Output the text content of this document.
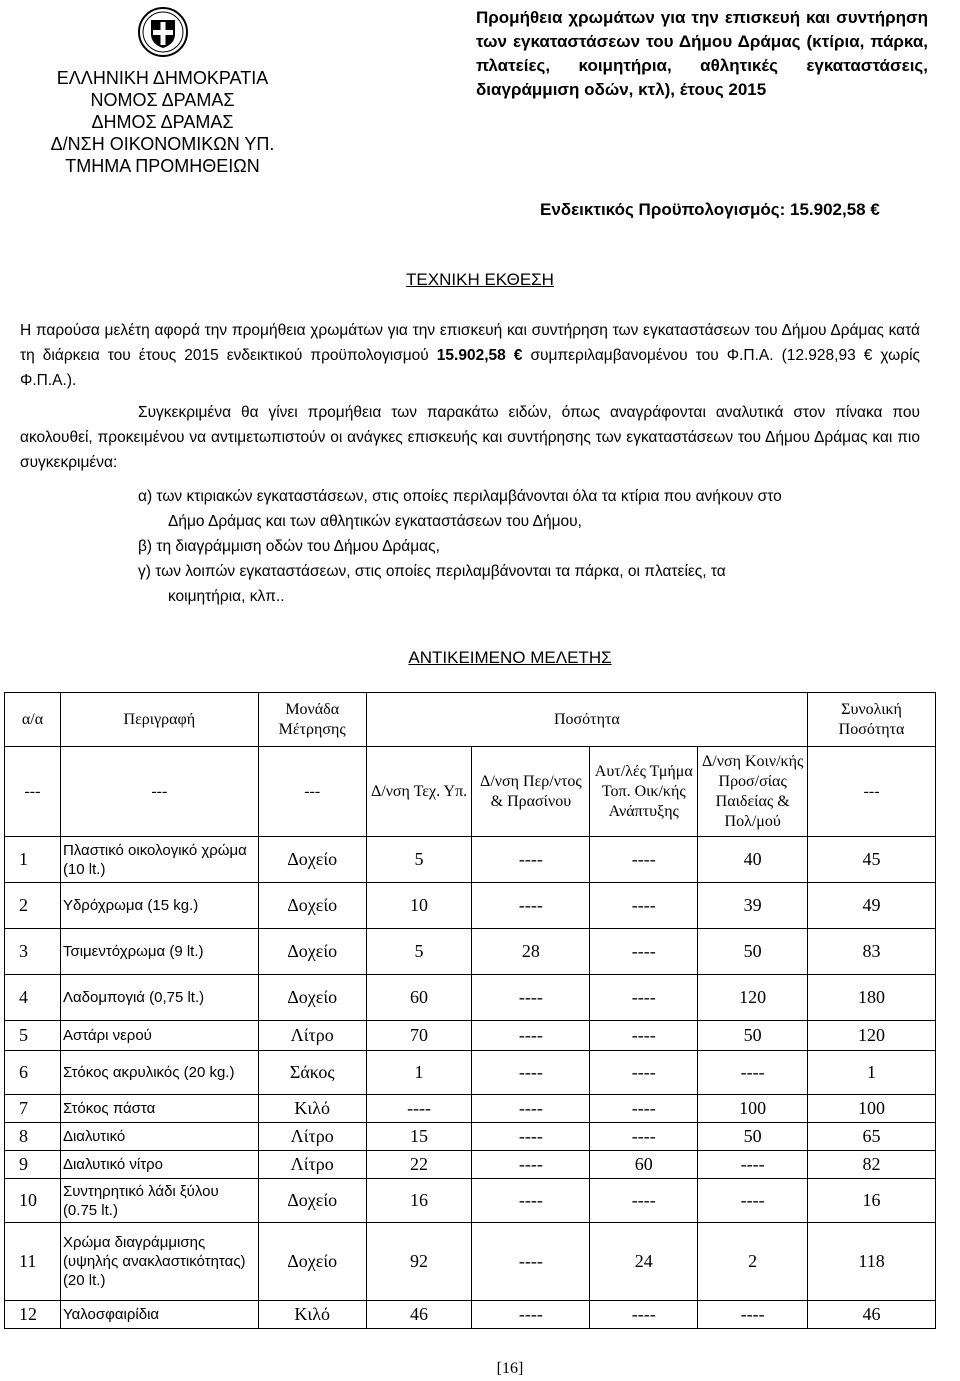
ΕΛΛΗΝΙΚΗ ΔΗΜΟΚΡΑΤΙΑ
ΝΟΜΟΣ ΔΡΑΜΑΣ
ΔΗΜΟΣ ΔΡΑΜΑΣ
Δ/ΝΣΗ ΟΙΚΟΝΟΜΙΚΩΝ ΥΠ.
ΤΜΗΜΑ ΠΡΟΜΗΘΕΙΩΝ
Προμήθεια χρωμάτων για την επισκευή και συντήρηση των εγκαταστάσεων του Δήμου Δράμας (κτίρια, πάρκα, πλατείες, κοιμητήρια, αθλητικές εγκαταστάσεις, διαγράμμιση οδών, κτλ), έτους 2015
Ενδεικτικός Προϋπολογισμός: 15.902,58 €
ΤΕΧΝΙΚΗ ΕΚΘΕΣΗ
Η παρούσα μελέτη αφορά την προμήθεια χρωμάτων για την επισκευή και συντήρηση των εγκαταστάσεων του Δήμου Δράμας κατά τη διάρκεια του έτους 2015 ενδεικτικού προϋπολογισμού 15.902,58 € συμπεριλαμβανομένου του Φ.Π.Α. (12.928,93 € χωρίς Φ.Π.Α.).
Συγκεκριμένα θα γίνει προμήθεια των παρακάτω ειδών, όπως αναγράφονται αναλυτικά στον πίνακα που ακολουθεί, προκειμένου να αντιμετωπιστούν οι ανάγκες επισκευής και συντήρησης των εγκαταστάσεων του Δήμου Δράμας και πιο συγκεκριμένα:
α) των κτιριακών εγκαταστάσεων, στις οποίες περιλαμβάνονται όλα τα κτίρια που ανήκουν στο
Δήμο Δράμας και των αθλητικών εγκαταστάσεων του Δήμου,
β) τη διαγράμμιση οδών του Δήμου Δράμας,
γ) των λοιπών εγκαταστάσεων, στις οποίες περιλαμβάνονται τα πάρκα, οι πλατείες, τα
κοιμητήρια, κλπ..
ΑΝΤΙΚΕΙΜΕΝΟ ΜΕΛΕΤΗΣ
α/α	Περιγραφή	Μονάδα Μέτρησης	Ποσότητα				Συνολική Ποσότητα
---	---	---	Δ/νση Τεχ. Υπ.	Δ/νση Περ/ντος & Πρασίνου	Αυτ/λές Τμήμα Τοπ. Οικ/κής Ανάπτυξης	Δ/νση Κοιν/κής Προσ/σίας Παιδείας & Πολ/μού	---
1	Πλαστικό οικολογικό χρώμα (10 lt.)	Δοχείο	5	----	----	40	45
2	Υδρόχρωμα (15 kg.)	Δοχείο	10	----	----	39	49
3	Τσιμεντόχρωμα (9 lt.)	Δοχείο	5	28	----	50	83
4	Λαδομπογιά (0,75 lt.)	Δοχείο	60	----	----	120	180
5	Αστάρι νερού	Λίτρο	70	----	----	50	120
6	Στόκος ακρυλικός (20 kg.)	Σάκος	1	----	----	----	1
7	Στόκος πάστα	Κιλό	----	----	----	100	100
8	Διαλυτικό	Λίτρο	15	----	----	50	65
9	Διαλυτικό νίτρο	Λίτρο	22	----	60	----	82
10	Συντηρητικό λάδι ξύλου (0.75 lt.)	Δοχείο	16	----	----	----	16
11	Χρώμα διαγράμμισης (υψηλής ανακλαστικότητας) (20 lt.)	Δοχείο	92	----	24	2	118
12	Υαλοσφαιρίδια	Κιλό	46	----	----	----	46
[16]
